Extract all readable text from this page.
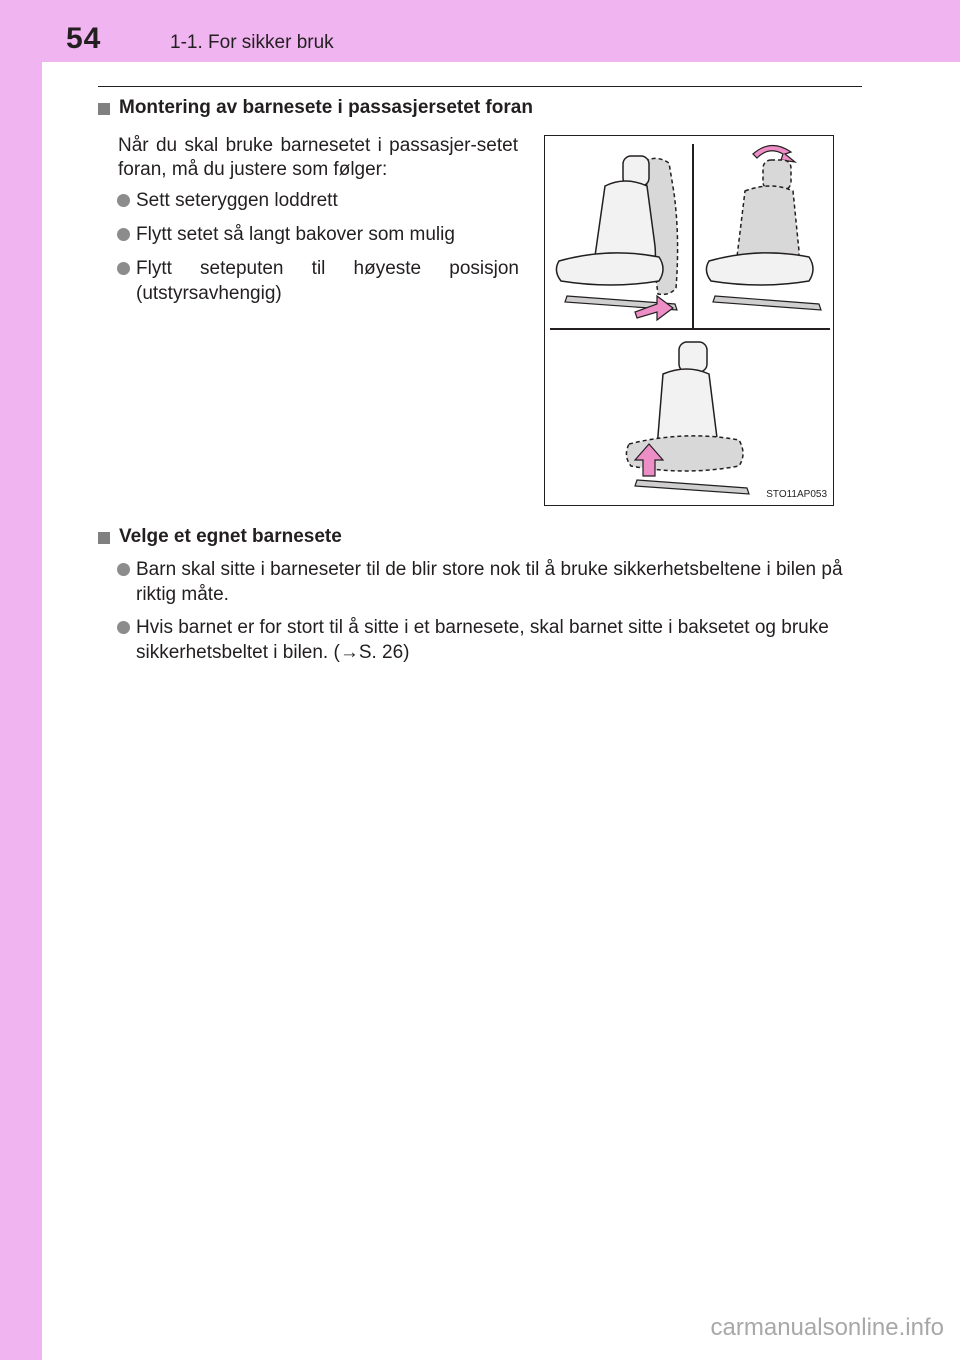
54	1-1. For sikker bruk
Montering av barnesete i passasjersetet foran
Når du skal bruke barnesetet i passasjer-setet foran, må du justere som følger:
Sett seteryggen loddrett
Flytt setet så langt bakover som mulig
Flytt seteputen til høyeste posisjon (utstyrsavhengig)
STO11AP053
Velge et egnet barnesete
Barn skal sitte i barneseter til de blir store nok til å bruke sikkerhetsbeltene i bilen på riktig måte.
Hvis barnet er for stort til å sitte i et barnesete, skal barnet sitte i baksetet og bruke sikkerhetsbeltet i bilen. (→S. 26)
carmanualsonline.info
